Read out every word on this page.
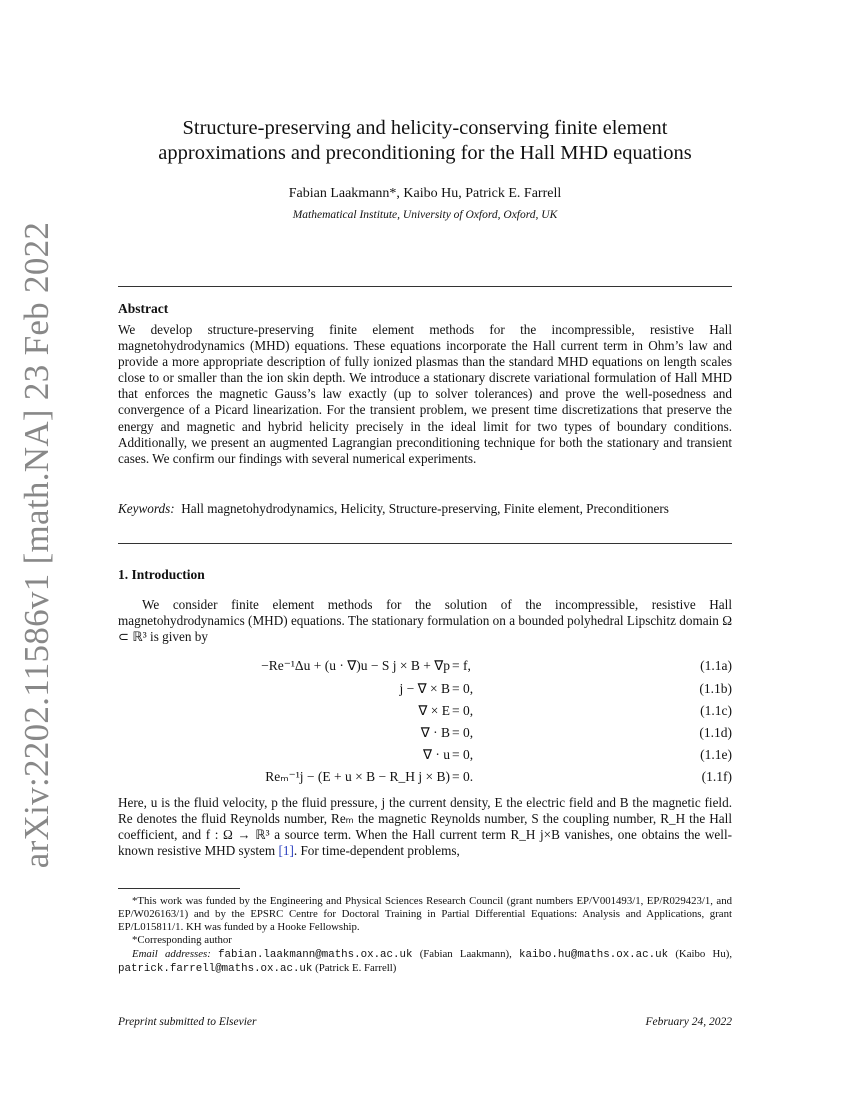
arXiv:2202.11586v1 [math.NA] 23 Feb 2022
Structure-preserving and helicity-conserving finite element
approximations and preconditioning for the Hall MHD equations
Fabian Laakmann*, Kaibo Hu, Patrick E. Farrell
Mathematical Institute, University of Oxford, Oxford, UK
Abstract
We develop structure-preserving finite element methods for the incompressible, resistive Hall magnetohydrodynamics (MHD) equations. These equations incorporate the Hall current term in Ohm’s law and provide a more appropriate description of fully ionized plasmas than the standard MHD equations on length scales close to or smaller than the ion skin depth. We introduce a stationary discrete variational formulation of Hall MHD that enforces the magnetic Gauss’s law exactly (up to solver tolerances) and prove the well-posedness and convergence of a Picard linearization. For the transient problem, we present time discretizations that preserve the energy and magnetic and hybrid helicity precisely in the ideal limit for two types of boundary conditions. Additionally, we present an augmented Lagrangian preconditioning technique for both the stationary and transient cases. We confirm our findings with several numerical experiments.
Keywords: Hall magnetohydrodynamics, Helicity, Structure-preserving, Finite element, Preconditioners
1. Introduction
We consider finite element methods for the solution of the incompressible, resistive Hall magnetohydrodynamics (MHD) equations. The stationary formulation on a bounded polyhedral Lipschitz domain Ω ⊂ ℝ³ is given by
−Re⁻¹Δu + (u · ∇)u − S j × B + ∇p = f,	(1.1a)
j − ∇ × B = 0,	(1.1b)
∇ × E = 0,	(1.1c)
∇ · B = 0,	(1.1d)
∇ · u = 0,	(1.1e)
Reₘ⁻¹j − (E + u × B − R_H j × B) = 0.	(1.1f)
Here, u is the fluid velocity, p the fluid pressure, j the current density, E the electric field and B the magnetic field. Re denotes the fluid Reynolds number, Reₘ the magnetic Reynolds number, S the coupling number, R_H the Hall coefficient, and f : Ω → ℝ³ a source term. When the Hall current term R_H j×B vanishes, one obtains the well-known resistive MHD system [1]. For time-dependent problems,
*This work was funded by the Engineering and Physical Sciences Research Council (grant numbers EP/V001493/1, EP/R029423/1, and EP/W026163/1) and by the EPSRC Centre for Doctoral Training in Partial Differential Equations: Analysis and Applications, grant EP/L015811/1. KH was funded by a Hooke Fellowship.
*Corresponding author
Email addresses: fabian.laakmann@maths.ox.ac.uk (Fabian Laakmann), kaibo.hu@maths.ox.ac.uk (Kaibo Hu), patrick.farrell@maths.ox.ac.uk (Patrick E. Farrell)
Preprint submitted to Elsevier	February 24, 2022
